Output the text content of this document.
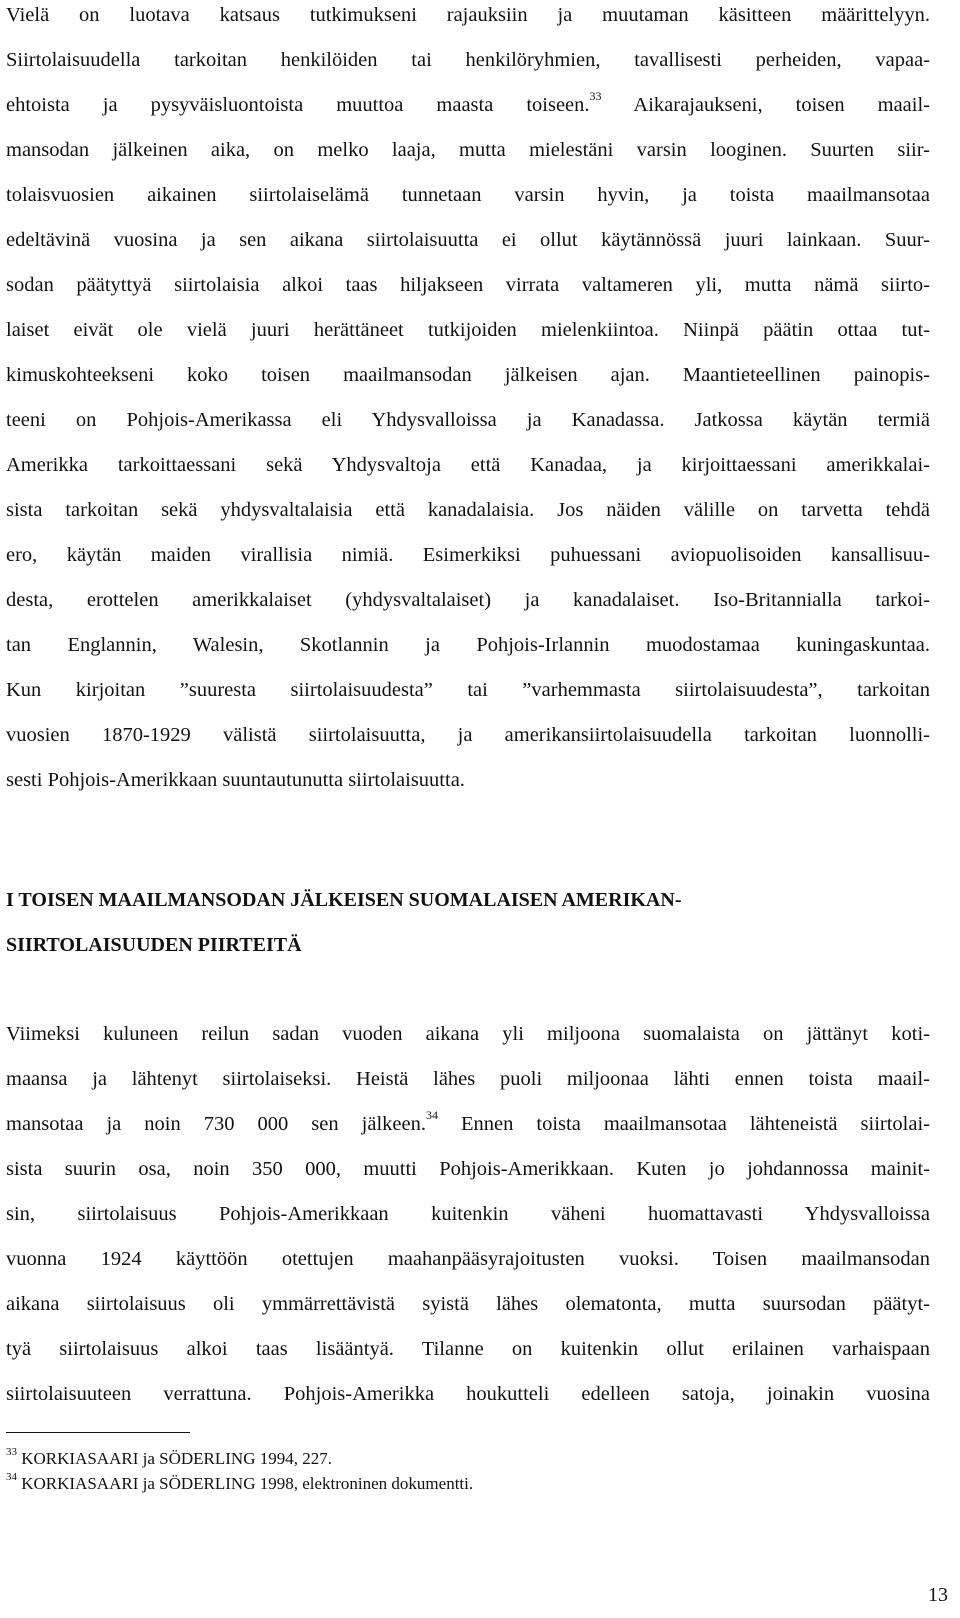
Vielä on luotava katsaus tutkimukseni rajauksiin ja muutaman käsitteen määrittelyyn.
Siirtolaisuudella tarkoitan henkilöiden tai henkilöryhmien, tavallisesti perheiden, vapaa-
ehtoista ja pysyväisluontoista muuttoa maasta toiseen.$^{33}$ Aikarajaukseni, toisen maail-
mansodan jälkeinen aika, on melko laaja, mutta mielestäni varsin looginen. Suurten siir-
tolaisvuosien aikainen siirtolaiselämä tunnetaan varsin hyvin, ja toista maailmansotaa
edeltävinä vuosina ja sen aikana siirtolaisuutta ei ollut käytännössä juuri lainkaan. Suur-
sodan päätyttyä siirtolaisia alkoi taas hiljakseen virrata valtameren yli, mutta nämä siirto-
laiset eivät ole vielä juuri herättäneet tutkijoiden mielenkiintoa. Niinpä päätin ottaa tut-
kimuskohteekseni koko toisen maailmansodan jälkeisen ajan. Maantieteellinen painopis-
teeni on Pohjois-Amerikassa eli Yhdysvalloissa ja Kanadassa. Jatkossa käytän termiä
Amerikka tarkoittaessani sekä Yhdysvaltoja että Kanadaa, ja kirjoittaessani amerikkalai-
sista tarkoitan sekä yhdysvaltalaisia että kanadalaisia. Jos näiden välille on tarvetta tehdä
ero, käytän maiden virallisia nimiä. Esimerkiksi puhuessani aviopuolisoiden kansallisuu-
desta, erottelen amerikkalaiset (yhdysvaltalaiset) ja kanadalaiset. Iso-Britannialla tarkoi-
tan Englannin, Walesin, Skotlannin ja Pohjois-Irlannin muodostamaa kuningaskuntaa.
Kun kirjoitan ”suuresta siirtolaisuudesta” tai ”varhemmasta siirtolaisuudesta”, tarkoitan
vuosien 1870-1929 välistä siirtolaisuutta, ja amerikansiirtolaisuudella tarkoitan luonnolli-
sesti Pohjois-Amerikkaan suuntautunutta siirtolaisuutta.

I TOISEN MAAILMANSODAN JÄLKEISEN SUOMALAISEN AMERIKAN-
SIIRTOLAISUUDEN PIIRTEITÄ

Viimeksi kuluneen reilun sadan vuoden aikana yli miljoona suomalaista on jättänyt koti-
maansa ja lähtenyt siirtolaiseksi. Heistä lähes puoli miljoonaa lähti ennen toista maail-
mansotaa ja noin 730 000 sen jälkeen.$^{34}$ Ennen toista maailmansotaa lähteneistä siirtolai-
sista suurin osa, noin 350 000, muutti Pohjois-Amerikkaan. Kuten jo johdannossa mainit-
sin, siirtolaisuus Pohjois-Amerikkaan kuitenkin väheni huomattavasti Yhdysvalloissa
vuonna 1924 käyttöön otettujen maahanpääsyrajoitusten vuoksi. Toisen maailmansodan
aikana siirtolaisuus oli ymmärrettävistä syistä lähes olematonta, mutta suursodan päätyt-
tyä siirtolaisuus alkoi taas lisääntyä. Tilanne on kuitenkin ollut erilainen varhaispaan
siirtolaisuuteen verrattuna. Pohjois-Amerikka houkutteli edelleen satoja, joinakin vuosina

$^{33}$ KORKIASAARI ja SÖDERLING 1994, 227.
$^{34}$ KORKIASAARI ja SÖDERLING 1998, elektroninen dokumentti.
13
